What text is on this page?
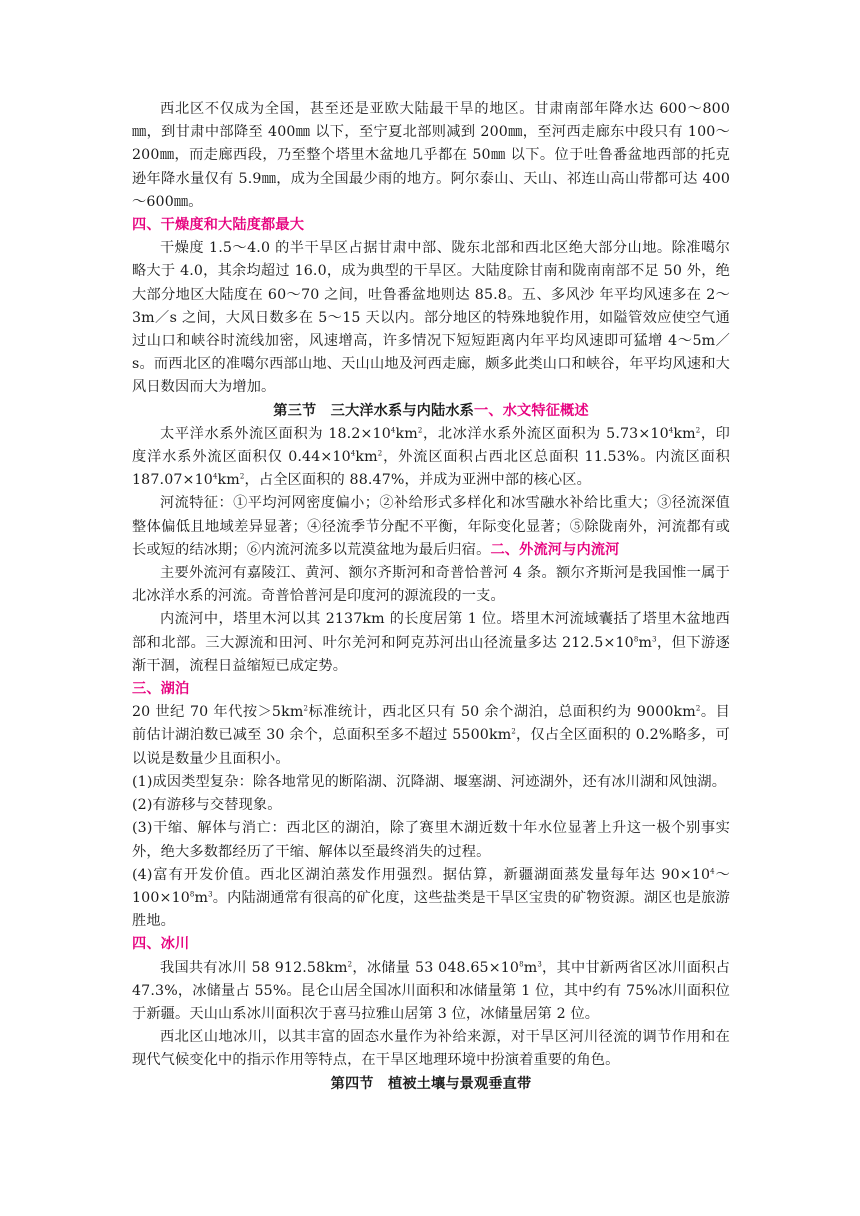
西北区不仅成为全国，甚至还是亚欧大陆最干旱的地区。甘肃南部年降水达 600～800㎜，到甘肃中部降至 400㎜ 以下，至宁夏北部则减到 200㎜，至河西走廊东中段只有 100～200㎜，而走廊西段，乃至整个塔里木盆地几乎都在 50㎜ 以下。位于吐鲁番盆地西部的托克逊年降水量仅有 5.9㎜，成为全国最少雨的地方。阿尔泰山、天山、祁连山高山带都可达 400～600㎜。

四、干燥度和大陆度都最大

干燥度 1.5～4.0 的半干旱区占据甘肃中部、陇东北部和西北区绝大部分山地。除准噶尔略大于 4.0，其余均超过 16.0，成为典型的干旱区。大陆度除甘南和陇南南部不足 50 外，绝大部分地区大陆度在 60～70 之间，吐鲁番盆地则达 85.8。五、多风沙 年平均风速多在 2～3m／s 之间，大风日数多在 5～15 天以内。部分地区的特殊地貌作用，如隘管效应使空气通过山口和峡谷时流线加密，风速增高，许多情况下短短距离内年平均风速即可猛增 4～5m／s。而西北区的准噶尔西部山地、天山山地及河西走廊，颇多此类山口和峡谷，年平均风速和大风日数因而大为增加。

第三节　三大洋水系与内陆水系一、水文特征概述

太平洋水系外流区面积为 $18.2\times 10^4km^2$，北冰洋水系外流区面积为 $5.73\times 10^4km^2$，印度洋水系外流区面积仅 $0.44\times 10^4km^2$，外流区面积占西北区总面积 11.53%。内流区面积 $187.07\times 10^4km^2$，占全区面积的 88.47%，并成为亚洲中部的核心区。

河流特征：①平均河网密度偏小；②补给形式多样化和冰雪融水补给比重大；③径流深值整体偏低且地域差异显著；④径流季节分配不平衡，年际变化显著；⑤除陇南外，河流都有或长或短的结冰期；⑥内流河流多以荒漠盆地为最后归宿。二、外流河与内流河

主要外流河有嘉陵江、黄河、额尔齐斯河和奇普恰普河 4 条。额尔齐斯河是我国惟一属于北冰洋水系的河流。奇普恰普河是印度河的源流段的一支。

内流河中，塔里木河以其 2137km 的长度居第 1 位。塔里木河流域囊括了塔里木盆地西部和北部。三大源流和田河、叶尔羌河和阿克苏河出山径流量多达 $212.5\times 10^8m^3$，但下游逐渐干涸，流程日益缩短已成定势。

三、湖泊

20 世纪 70 年代按$>5km^2$标准统计，西北区只有 50 余个湖泊，总面积约为 $9000km^2$。目前估计湖泊数已减至 30 余个，总面积至多不超过 $5500km^2$，仅占全区面积的 0.2%略多，可以说是数量少且面积小。

(1)成因类型复杂：除各地常见的断陷湖、沉降湖、堰塞湖、河迹湖外，还有冰川湖和风蚀湖。

(2)有游移与交替现象。

(3)干缩、解体与消亡：西北区的湖泊，除了赛里木湖近数十年水位显著上升这一极个别事实外，绝大多数都经历了干缩、解体以至最终消失的过程。

(4)富有开发价值。西北区湖泊蒸发作用强烈。据估算，新疆湖面蒸发量每年达 $90\times 10^4\sim 100\times 10^8m^3$。内陆湖通常有很高的矿化度，这些盐类是干旱区宝贵的矿物资源。湖区也是旅游胜地。

四、冰川

我国共有冰川 58 $912.58km^2$，冰储量 53 $048.65\times 10^8m^3$，其中甘新两省区冰川面积占 47.3%，冰储量占 55%。昆仑山居全国冰川面积和冰储量第 1 位，其中约有 75%冰川面积位于新疆。天山山系冰川面积次于喜马拉雅山居第 3 位，冰储量居第 2 位。

西北区山地冰川，以其丰富的固态水量作为补给来源，对干旱区河川径流的调节作用和在现代气候变化中的指示作用等特点，在干旱区地理环境中扮演着重要的角色。

第四节　植被土壤与景观垂直带
